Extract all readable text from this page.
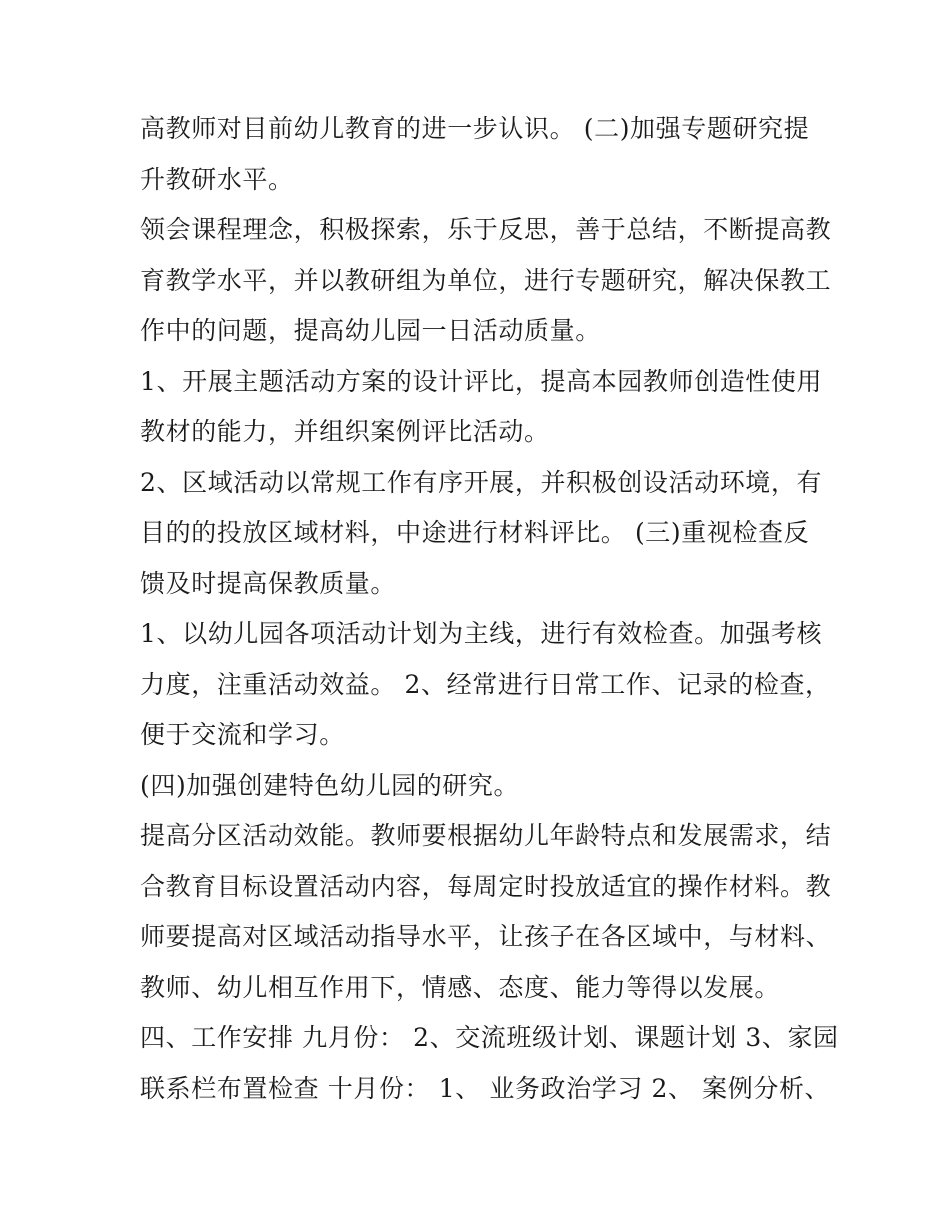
高教师对目前幼儿教育的进一步认识。 (二)加强专题研究提
升教研水平。
领会课程理念，积极探索，乐于反思，善于总结，不断提高教
育教学水平，并以教研组为单位，进行专题研究，解决保教工
作中的问题，提高幼儿园一日活动质量。
1、开展主题活动方案的设计评比，提高本园教师创造性使用
教材的能力，并组织案例评比活动。
2、区域活动以常规工作有序开展，并积极创设活动环境，有
目的的投放区域材料，中途进行材料评比。 (三)重视检查反
馈及时提高保教质量。
1、以幼儿园各项活动计划为主线，进行有效检查。加强考核
力度，注重活动效益。 2、经常进行日常工作、记录的检查，
便于交流和学习。
(四)加强创建特色幼儿园的研究。
提高分区活动效能。教师要根据幼儿年龄特点和发展需求，结
合教育目标设置活动内容，每周定时投放适宜的操作材料。教
师要提高对区域活动指导水平，让孩子在各区域中，与材料、
教师、幼儿相互作用下，情感、态度、能力等得以发展。
四、工作安排 九月份： 2、交流班级计划、课题计划 3、家园
联系栏布置检查 十月份： 1、 业务政治学习 2、 案例分析、
